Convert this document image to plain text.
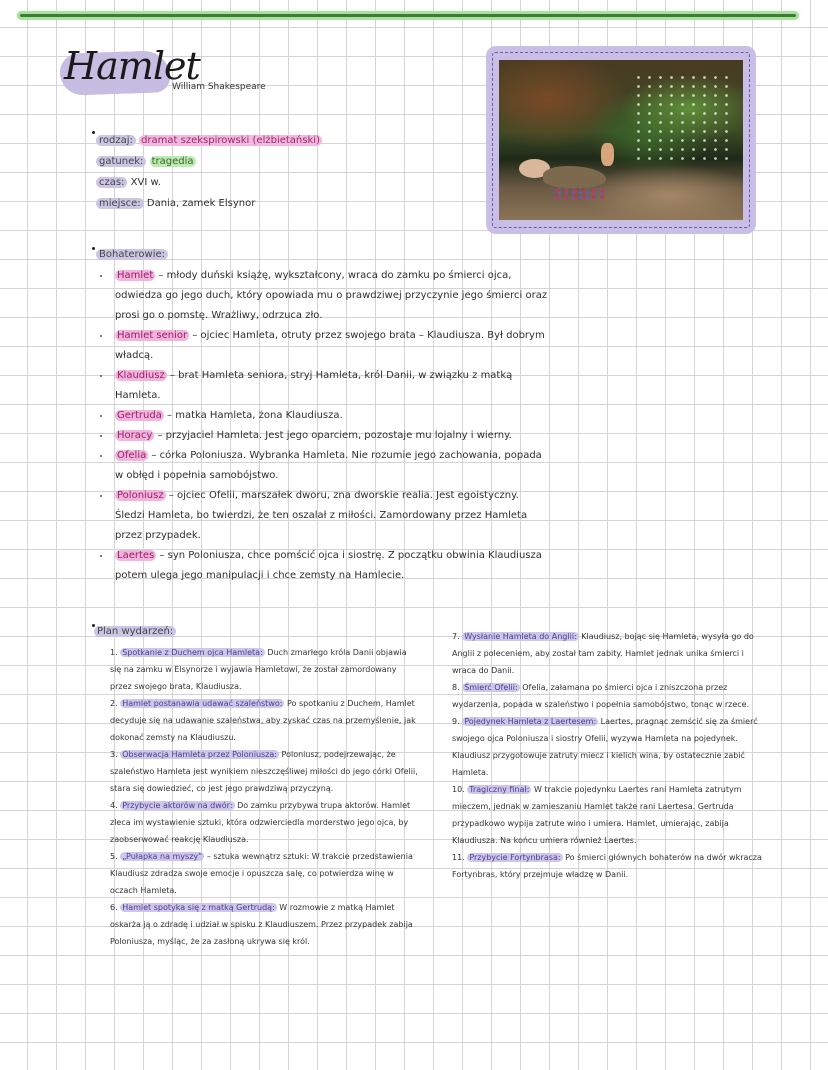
Hamlet
William Shakespeare
rodzaj: dramat szekspirowski (elżbietański)
gatunek: tragedia
czas: XVI w.
miejsce: Dania, zamek Elsynor
Bohaterowie:
Hamlet – młody duński książę, wykształcony, wraca do zamku po śmierci ojca, odwiedza go jego duch, który opowiada mu o prawdziwej przyczynie jego śmierci oraz prosi go o pomstę. Wrażliwy, odrzuca zło.
Hamlet senior – ojciec Hamleta, otruty przez swojego brata – Klaudiusza. Był dobrym władcą.
Klaudiusz – brat Hamleta seniora, stryj Hamleta, król Danii, w związku z matką Hamleta.
Gertruda – matka Hamleta, żona Klaudiusza.
Horacy – przyjaciel Hamleta. Jest jego oparciem, pozostaje mu lojalny i wierny.
Ofelia – córka Poloniusza. Wybranka Hamleta. Nie rozumie jego zachowania, popada w obłęd i popełnia samobójstwo.
Poloniusz – ojciec Ofelii, marszałek dworu, zna dworskie realia. Jest egoistyczny. Śledzi Hamleta, bo twierdzi, że ten oszalał z miłości. Zamordowany przez Hamleta przez przypadek.
Laertes – syn Poloniusza, chce pomścić ojca i siostrę. Z początku obwinia Klaudiusza potem ulega jego manipulacji i chce zemsty na Hamlecie.
Plan wydarzeń:
1. Spotkanie z Duchem ojca Hamleta: Duch zmarłego króla Danii objawia się na zamku w Elsynorze i wyjawia Hamletowi, że został zamordowany przez swojego brata, Klaudiusza.
2. Hamlet postanawia udawać szaleństwo: Po spotkaniu z Duchem, Hamlet decyduje się na udawanie szaleństwa, aby zyskać czas na przemyślenie, jak dokonać zemsty na Klaudiuszu.
3. Obserwacja Hamleta przez Poloniusza: Poloniusz, podejrzewając, że szaleństwo Hamleta jest wynikiem nieszczęśliwej miłości do jego córki Ofelii, stara się dowiedzieć, co jest jego prawdziwą przyczyną.
4. Przybycie aktorów na dwór: Do zamku przybywa trupa aktorów. Hamlet zleca im wystawienie sztuki, która odzwierciedla morderstwo jego ojca, by zaobserwować reakcję Klaudiusza.
5. „Pułapka na myszy” – sztuka wewnątrz sztuki: W trakcie przedstawienia Klaudiusz zdradza swoje emocje i opuszcza salę, co potwierdza winę w oczach Hamleta.
6. Hamlet spotyka się z matką Gertrudą: W rozmowie z matką Hamlet oskarża ją o zdradę i udział w spisku z Klaudiuszem. Przez przypadek zabija Poloniusza, myśląc, że za zasłoną ukrywa się król.
7. Wysłanie Hamleta do Anglii: Klaudiusz, bojąc się Hamleta, wysyła go do Anglii z poleceniem, aby został tam zabity. Hamlet jednak unika śmierci i wraca do Danii.
8. Śmierć Ofelii: Ofelia, załamana po śmierci ojca i zniszczona przez wydarzenia, popada w szaleństwo i popełnia samobójstwo, tonąc w rzece.
9. Pojedynek Hamleta z Laertesem: Laertes, pragnąc zemścić się za śmierć swojego ojca Poloniusza i siostry Ofelii, wyzywa Hamleta na pojedynek. Klaudiusz przygotowuje zatruty miecz i kielich wina, by ostatecznie zabić Hamleta.
10. Tragiczny finał: W trakcie pojedynku Laertes rani Hamleta zatrutym mieczem, jednak w zamieszaniu Hamlet także rani Laertesa. Gertruda przypadkowo wypija zatrute wino i umiera. Hamlet, umierając, zabija Klaudiusza. Na końcu umiera również Laertes.
11. Przybycie Fortynbrasa: Po śmierci głównych bohaterów na dwór wkracza Fortynbras, który przejmuje władzę w Danii.
